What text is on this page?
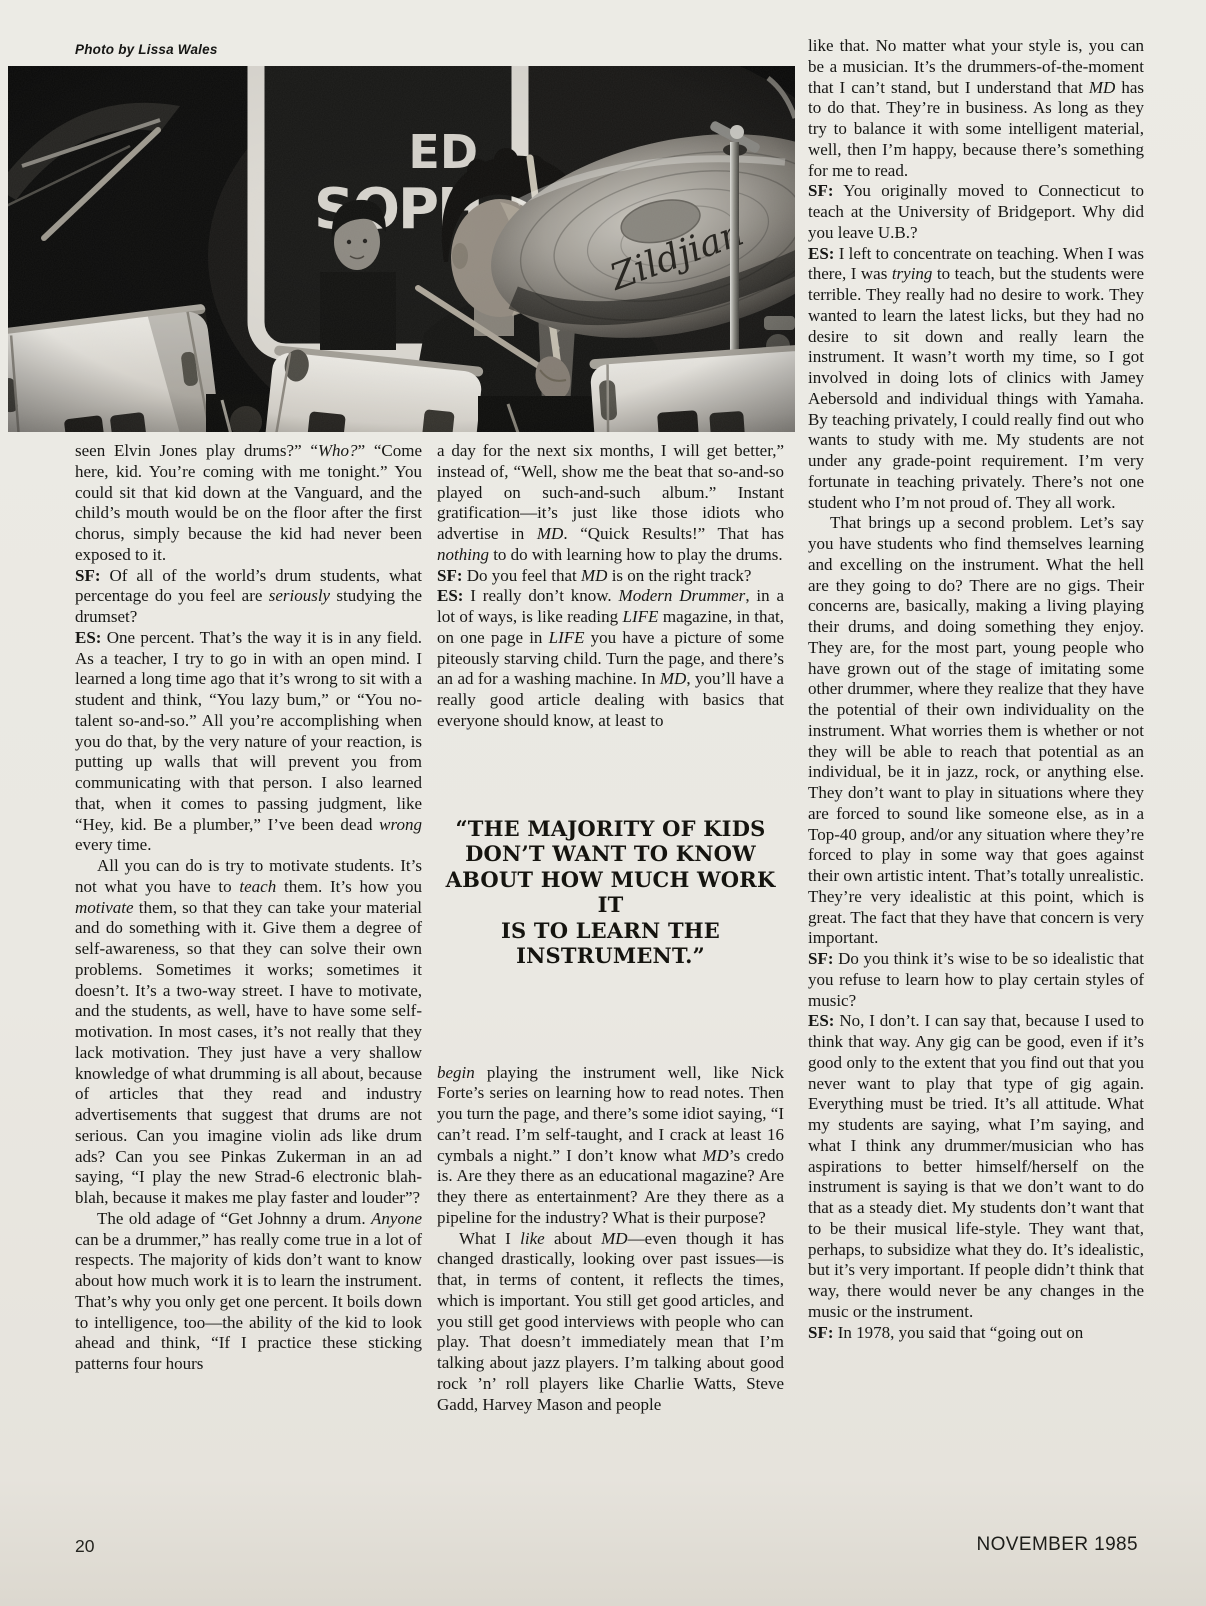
Photo by Lissa Wales

seen Elvin Jones play drums?” “Who?” “Come here, kid. You’re coming with me tonight.” You could sit that kid down at the Vanguard, and the child’s mouth would be on the floor after the first chorus, simply because the kid had never been exposed to it.

SF: Of all of the world’s drum students, what percentage do you feel are seriously studying the drumset?

ES: One percent. That’s the way it is in any field. As a teacher, I try to go in with an open mind. I learned a long time ago that it’s wrong to sit with a student and think, “You lazy bum,” or “You no-talent so-and-so.” All you’re accomplishing when you do that, by the very nature of your reaction, is putting up walls that will prevent you from communicating with that person. I also learned that, when it comes to passing judgment, like “Hey, kid. Be a plumber,” I’ve been dead wrong every time.

All you can do is try to motivate students. It’s not what you have to teach them. It’s how you motivate them, so that they can take your material and do something with it. Give them a degree of self-awareness, so that they can solve their own problems. Sometimes it works; sometimes it doesn’t. It’s a two-way street. I have to motivate, and the students, as well, have to have some self-motivation. In most cases, it’s not really that they lack motivation. They just have a very shallow knowledge of what drumming is all about, because of articles that they read and industry advertisements that suggest that drums are not serious. Can you imagine violin ads like drum ads? Can you see Pinkas Zukerman in an ad saying, “I play the new Strad-6 electronic blah-blah, because it makes me play faster and louder”?

The old adage of “Get Johnny a drum. Anyone can be a drummer,” has really come true in a lot of respects. The majority of kids don’t want to know about how much work it is to learn the instrument. That’s why you only get one percent. It boils down to intelligence, too—the ability of the kid to look ahead and think, “If I practice these sticking patterns four hours

a day for the next six months, I will get better,” instead of, “Well, show me the beat that so-and-so played on such-and-such album.” Instant gratification—it’s just like those idiots who advertise in MD. “Quick Results!” That has nothing to do with learning how to play the drums.

SF: Do you feel that MD is on the right track?

ES: I really don’t know. Modern Drummer, in a lot of ways, is like reading LIFE magazine, in that, on one page in LIFE you have a picture of some piteously starving child. Turn the page, and there’s an ad for a washing machine. In MD, you’ll have a really good article dealing with basics that everyone should know, at least to

“THE MAJORITY OF KIDS
DON’T WANT TO KNOW
ABOUT HOW MUCH WORK IT
IS TO LEARN THE
INSTRUMENT.”

begin playing the instrument well, like Nick Forte’s series on learning how to read notes. Then you turn the page, and there’s some idiot saying, “I can’t read. I’m self-taught, and I crack at least 16 cymbals a night.” I don’t know what MD’s credo is. Are they there as an educational magazine? Are they there as entertainment? Are they there as a pipeline for the industry? What is their purpose?

What I like about MD—even though it has changed drastically, looking over past issues—is that, in terms of content, it reflects the times, which is important. You still get good articles, and you still get good interviews with people who can play. That doesn’t immediately mean that I’m talking about jazz players. I’m talking about good rock ’n’ roll players like Charlie Watts, Steve Gadd, Harvey Mason and people

like that. No matter what your style is, you can be a musician. It’s the drummers-of-the-moment that I can’t stand, but I understand that MD has to do that. They’re in business. As long as they try to balance it with some intelligent material, well, then I’m happy, because there’s something for me to read.

SF: You originally moved to Connecticut to teach at the University of Bridgeport. Why did you leave U.B.?

ES: I left to concentrate on teaching. When I was there, I was trying to teach, but the students were terrible. They really had no desire to work. They wanted to learn the latest licks, but they had no desire to sit down and really learn the instrument. It wasn’t worth my time, so I got involved in doing lots of clinics with Jamey Aebersold and individual things with Yamaha. By teaching privately, I could really find out who wants to study with me. My students are not under any grade-point requirement. I’m very fortunate in teaching privately. There’s not one student who I’m not proud of. They all work.

That brings up a second problem. Let’s say you have students who find themselves learning and excelling on the instrument. What the hell are they going to do? There are no gigs. Their concerns are, basically, making a living playing their drums, and doing something they enjoy. They are, for the most part, young people who have grown out of the stage of imitating some other drummer, where they realize that they have the potential of their own individuality on the instrument. What worries them is whether or not they will be able to reach that potential as an individual, be it in jazz, rock, or anything else. They don’t want to play in situations where they are forced to sound like someone else, as in a Top-40 group, and/or any situation where they’re forced to play in some way that goes against their own artistic intent. That’s totally unrealistic. They’re very idealistic at this point, which is great. The fact that they have that concern is very important.

SF: Do you think it’s wise to be so idealistic that you refuse to learn how to play certain styles of music?

ES: No, I don’t. I can say that, because I used to think that way. Any gig can be good, even if it’s good only to the extent that you find out that you never want to play that type of gig again. Everything must be tried. It’s all attitude. What my students are saying, what I’m saying, and what I think any drummer/musician who has aspirations to better himself/herself on the instrument is saying is that we don’t want to do that as a steady diet. My students don’t want that to be their musical life-style. They want that, perhaps, to subsidize what they do. It’s idealistic, but it’s very important. If people didn’t think that way, there would never be any changes in the music or the instrument.

SF: In 1978, you said that “going out on

20	NOVEMBER 1985
